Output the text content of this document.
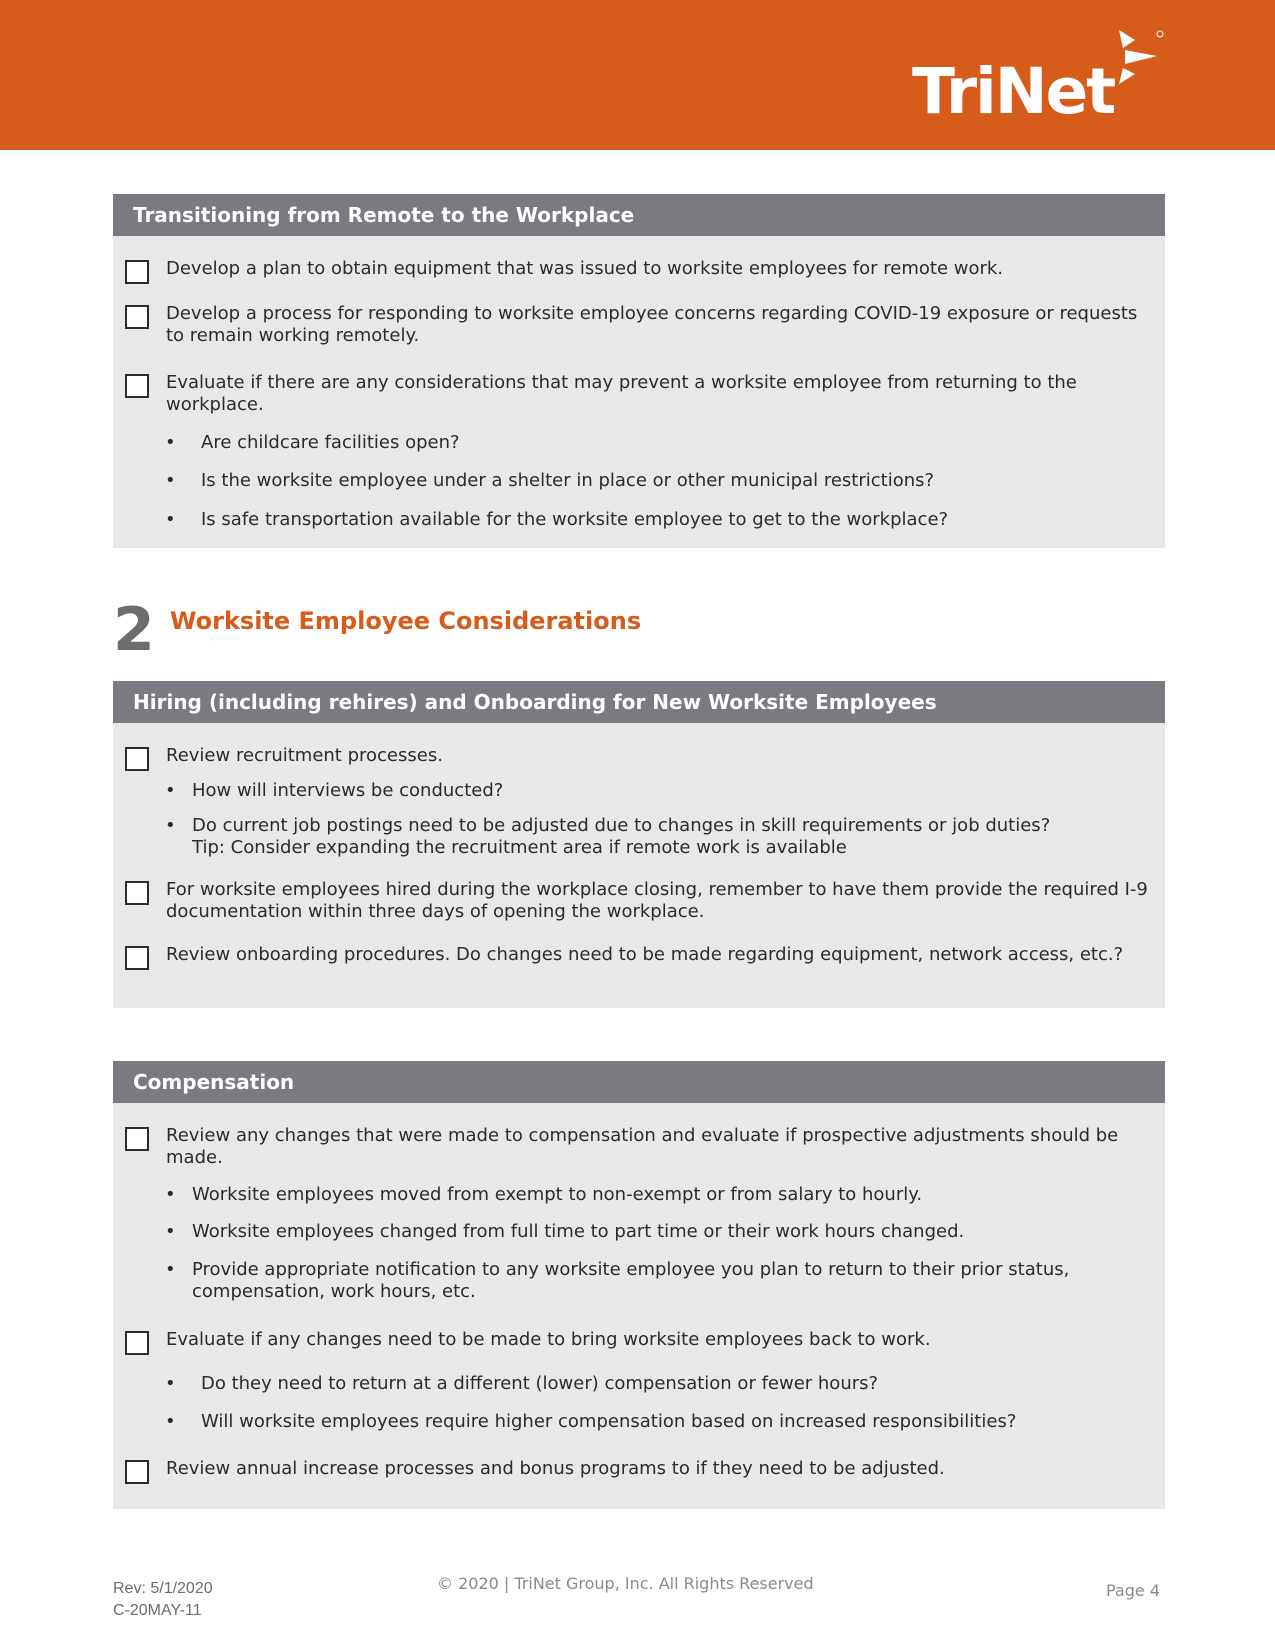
TriNet
Transitioning from Remote to the Workplace
Develop a plan to obtain equipment that was issued to worksite employees for remote work.
Develop a process for responding to worksite employee concerns regarding COVID-19 exposure or requests to remain working remotely.
Evaluate if there are any considerations that may prevent a worksite employee from returning to the workplace.
• Are childcare facilities open?
• Is the worksite employee under a shelter in place or other municipal restrictions?
• Is safe transportation available for the worksite employee to get to the workplace?
2 Worksite Employee Considerations
Hiring (including rehires) and Onboarding for New Worksite Employees
Review recruitment processes.
• How will interviews be conducted?
• Do current job postings need to be adjusted due to changes in skill requirements or job duties?
Tip: Consider expanding the recruitment area if remote work is available
For worksite employees hired during the workplace closing, remember to have them provide the required I-9 documentation within three days of opening the workplace.
Review onboarding procedures. Do changes need to be made regarding equipment, network access, etc.?
Compensation
Review any changes that were made to compensation and evaluate if prospective adjustments should be made.
• Worksite employees moved from exempt to non-exempt or from salary to hourly.
• Worksite employees changed from full time to part time or their work hours changed.
• Provide appropriate notification to any worksite employee you plan to return to their prior status, compensation, work hours, etc.
Evaluate if any changes need to be made to bring worksite employees back to work.
• Do they need to return at a different (lower) compensation or fewer hours?
• Will worksite employees require higher compensation based on increased responsibilities?
Review annual increase processes and bonus programs to if they need to be adjusted.
Rev: 5/1/2020
C-20MAY-11
© 2020 | TriNet Group, Inc. All Rights Reserved	Page 4
